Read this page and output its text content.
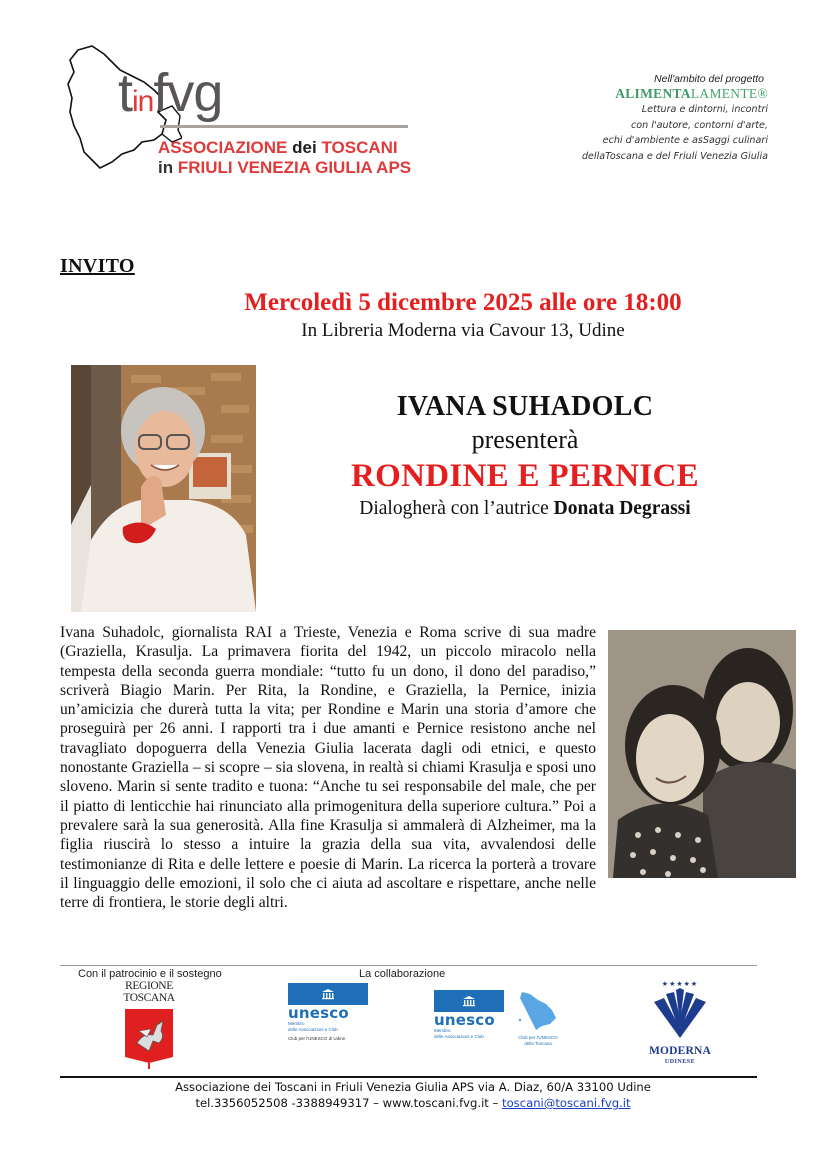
tinfvg
ASSOCIAZIONE dei TOSCANI
in FRIULI VENEZIA GIULIA APS
Nell'ambito del progetto
ALIMENTALAMENTE®
Lettura e dintorni, incontri
con l'autore, contorni d'arte,
echi d'ambiente e asSaggi culinari
dellaToscana e del Friuli Venezia Giulia
INVITO
Mercoledì 5 dicembre 2025 alle ore 18:00
In Libreria Moderna via Cavour 13, Udine
IVANA SUHADOLC
presenterà
RONDINE E PERNICE
Dialogherà con l’autrice Donata Degrassi
Ivana Suhadolc, giornalista RAI a Trieste, Venezia e Roma scrive di sua madre (Graziella, Krasulja. La primavera fiorita del 1942, un piccolo miracolo nella tempesta della seconda guerra mondiale: “tutto fu un dono, il dono del paradiso,” scriverà Biagio Marin. Per Rita, la Rondine, e Graziella, la Pernice, inizia un’amicizia che durerà tutta la vita; per Rondine e Marin una storia d’amore che proseguirà per 26 anni. I rapporti tra i due amanti e Pernice resistono anche nel travagliato dopoguerra della Venezia Giulia lacerata dagli odi etnici, e questo nonostante Graziella – si scopre – sia slovena, in realtà si chiami Krasulja e sposi uno sloveno. Marin si sente tradito e tuona: “Anche tu sei responsabile del male, che per il piatto di lenticchie hai rinunciato alla primogenitura della superiore cultura.” Poi a prevalere sarà la sua generosità. Alla fine Krasulja si ammalerà di Alzheimer, ma la figlia riuscirà lo stesso a intuire la grazia della sua vita, avvalendosi delle testimonianze di Rita e delle lettere e poesie di Marin. La ricerca la porterà a trovare il linguaggio delle emozioni, il solo che ci aiuta ad ascoltare e rispettare, anche nelle terre di frontiera, le storie degli altri.
Con il patrocinio e il sostegno	La collaborazione
REGIONE
TOSCANA
unesco
Membro
delle Associazioni e Club
Club per l'UNESCO di Udine
unesco
Membro
delle Associazioni e Club	Club per l'UNESCO
della Toscana
★★★★★
MODERNA
UDINESE
Associazione dei Toscani in Friuli Venezia Giulia APS via A. Diaz, 60/A 33100 Udine
tel.3356052508 -3388949317 – www.toscani.fvg.it – toscani@toscani.fvg.it
